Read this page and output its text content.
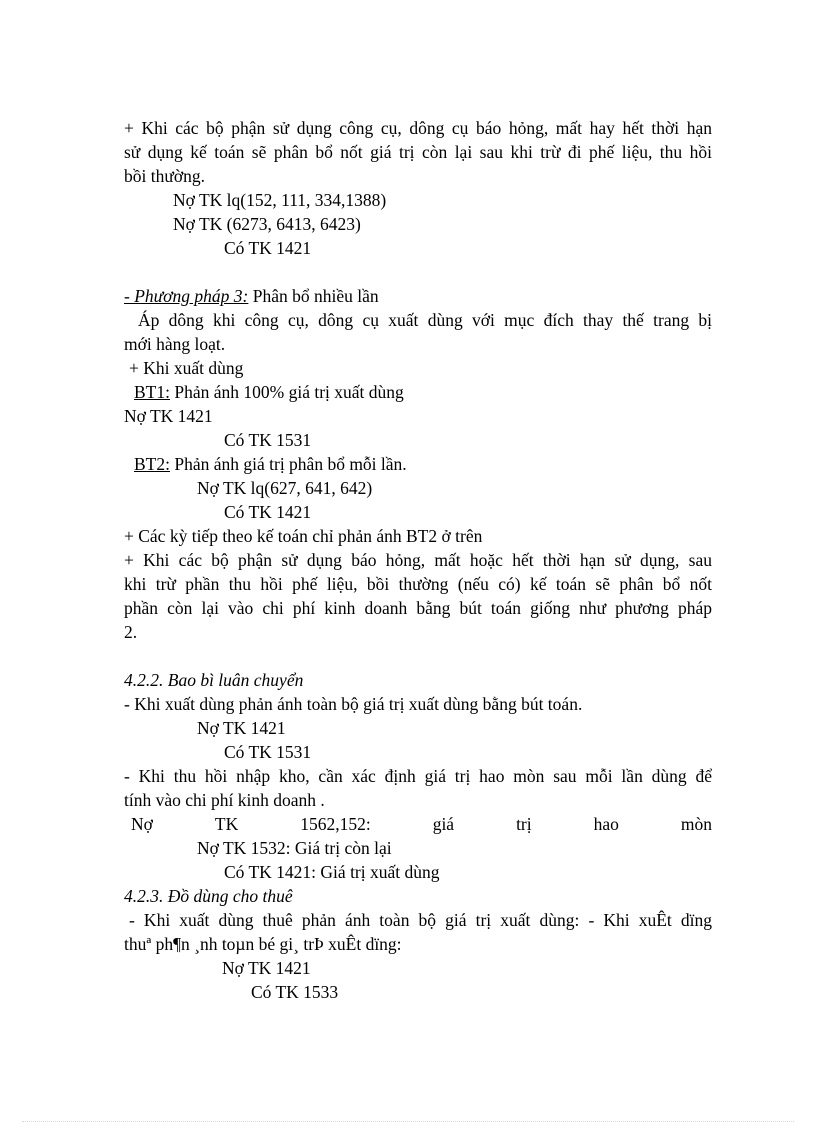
+ Khi các bộ phận sử dụng công cụ, dông cụ báo hỏng, mất hay hết thời hạn
sử dụng kế toán sẽ phân bổ nốt giá trị còn lại sau khi trừ đi phế liệu, thu hồi
bồi thường.
Nợ TK lq(152, 111, 334,1388)
Nợ TK (6273, 6413, 6423)
Có TK 1421
- Phương pháp 3: Phân bổ nhiều lần
Áp dông khi công cụ, dông cụ xuất dùng với mục đích thay thế trang bị
mới hàng loạt.
+ Khi xuất dùng
BT1: Phản ánh 100% giá trị xuất dùng
Nợ TK 1421
Có TK 1531
BT2: Phản ánh giá trị phân bổ mỗi lần.
Nợ TK lq(627, 641, 642)
Có TK 1421
+ Các kỳ tiếp theo kế toán chỉ phản ánh BT2 ở trên
+ Khi các bộ phận sử dụng báo hỏng, mất hoặc hết thời hạn sử dụng, sau
khi trừ phần thu hồi phế liệu, bồi thường (nếu có) kế toán sẽ phân bổ nốt
phần còn lại vào chi phí kinh doanh bằng bút toán giống như phương pháp
2.
4.2.2. Bao bì luân chuyển
- Khi xuất dùng phản ánh toàn bộ giá trị xuất dùng bằng bút toán.
Nợ TK 1421
Có TK 1531
- Khi thu hồi nhập kho, cần xác định giá trị hao mòn sau mỗi lần dùng để
tính vào chi phí kinh doanh .
Nợ	TK	1562,152:	giá	trị	hao	mòn
Nợ TK 1532: Giá trị còn lại
Có TK 1421: Giá trị xuất dùng
4.2.3. Đồ dùng cho thuê
- Khi xuất dùng thuê phản ánh toàn bộ giá trị xuất dùng: - Khi xuÊt dïng
thuª ph¶n ¸nh toµn bé gi¸ trÞ xuÊt dïng:
Nợ TK 1421
Có TK 1533
